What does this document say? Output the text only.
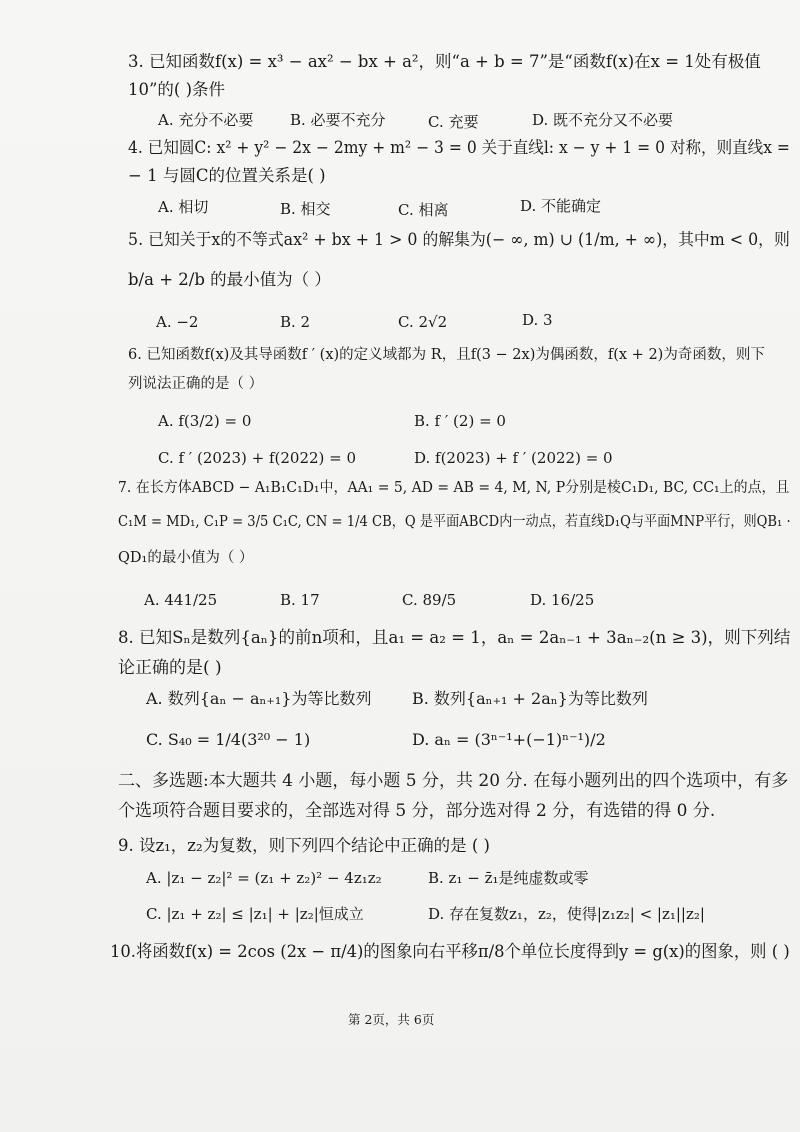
3. 已知函数f(x) = x³ − ax² − bx + a²，则“a + b = 7”是“函数f(x)在x = 1处有极值
10”的( )条件
A. 充分不必要 B. 必要不充分	C. 充要	D. 既不充分又不必要
4. 已知圆C: x² + y² − 2x − 2my + m² − 3 = 0 关于直线l: x − y + 1 = 0 对称，则直线x =
− 1 与圆C的位置关系是( )
A. 相切	B. 相交	C. 相离	D. 不能确定
5. 已知关于x的不等式ax² + bx + 1 > 0 的解集为(− ∞, m) ∪ (1/m, + ∞)，其中m < 0，则
b/a + 2/b 的最小值为（ ）
A. −2	B. 2	C. 2√2	D. 3
6. 已知函数f(x)及其导函数f ′ (x)的定义域都为 R，且f(3 − 2x)为偶函数，f(x + 2)为奇函数，则下
列说法正确的是（ ）
A. f(3/2) = 0	B. f ′ (2) = 0
C. f ′ (2023) + f(2022) = 0	D. f(2023) + f ′ (2022) = 0
7. 在长方体ABCD − A₁B₁C₁D₁中，AA₁ = 5, AD = AB = 4, M, N, P分别是棱C₁D₁, BC, CC₁上的点，且
C₁M = MD₁, C₁P = 3/5 C₁C, CN = 1/4 CB，Q 是平面ABCD内一动点，若直线D₁Q与平面MNP平行，则QB₁ ·
QD₁的最小值为（ ）
A. 441/25	B. 17	C. 89/5	D. 16/25
8. 已知Sₙ是数列{aₙ}的前n项和，且a₁ = a₂ = 1，aₙ = 2aₙ₋₁ + 3aₙ₋₂(n ≥ 3)，则下列结
论正确的是( )
A. 数列{aₙ − aₙ₊₁}为等比数列	B. 数列{aₙ₊₁ + 2aₙ}为等比数列
C. S₄₀ = 1/4(3²⁰ − 1)	D. aₙ = (3ⁿ⁻¹+(−1)ⁿ⁻¹)/2
二、多选题:本大题共 4 小题，每小题 5 分，共 20 分. 在每小题列出的四个选项中，有多
个选项符合题目要求的，全部选对得 5 分，部分选对得 2 分，有选错的得 0 分.
9. 设z₁，z₂为复数，则下列四个结论中正确的是 ( )
A. |z₁ − z₂|² = (z₁ + z₂)² − 4z₁z₂	B. z₁ − z̄₁是纯虚数或零
C. |z₁ + z₂| ≤ |z₁| + |z₂|恒成立	D. 存在复数z₁，z₂，使得|z₁z₂| < |z₁||z₂|
10.将函数f(x) = 2cos (2x − π/4)的图象向右平移π/8个单位长度得到y = g(x)的图象，则 ( )
第 2页，共 6页
